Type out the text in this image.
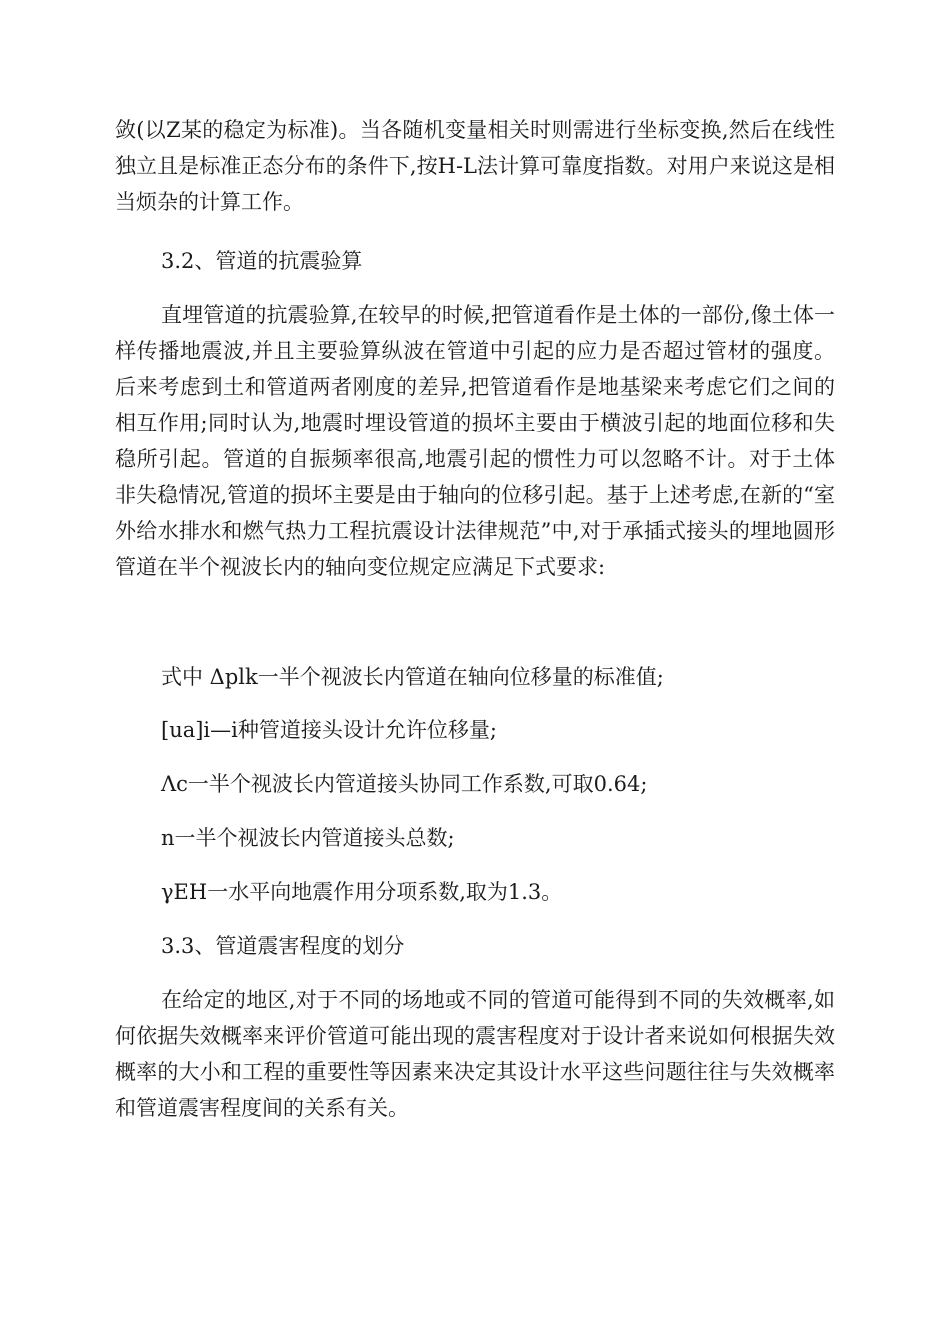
敛(以Z某的稳定为标准)。当各随机变量相关时则需进行坐标变换,然后在线性独立且是标准正态分布的条件下,按H-L法计算可靠度指数。对用户来说这是相当烦杂的计算工作。

3.2、管道的抗震验算

直埋管道的抗震验算,在较早的时候,把管道看作是土体的一部份,像土体一样传播地震波,并且主要验算纵波在管道中引起的应力是否超过管材的强度。后来考虑到土和管道两者刚度的差异,把管道看作是地基梁来考虑它们之间的相互作用;同时认为,地震时埋设管道的损坏主要由于横波引起的地面位移和失稳所引起。管道的自振频率很高,地震引起的惯性力可以忽略不计。对于土体非失稳情况,管道的损坏主要是由于轴向的位移引起。基于上述考虑,在新的“室外给水排水和燃气热力工程抗震设计法律规范”中,对于承插式接头的埋地圆形管道在半个视波长内的轴向变位规定应满足下式要求:

式中 Δplk一半个视波长内管道在轴向位移量的标准值;

[ua]i—i种管道接头设计允许位移量;

Λc一半个视波长内管道接头协同工作系数,可取0.64;

n一半个视波长内管道接头总数;

γEH一水平向地震作用分项系数,取为1.3。

3.3、管道震害程度的划分

在给定的地区,对于不同的场地或不同的管道可能得到不同的失效概率,如何依据失效概率来评价管道可能出现的震害程度对于设计者来说如何根据失效概率的大小和工程的重要性等因素来决定其设计水平这些问题往往与失效概率和管道震害程度间的关系有关。
